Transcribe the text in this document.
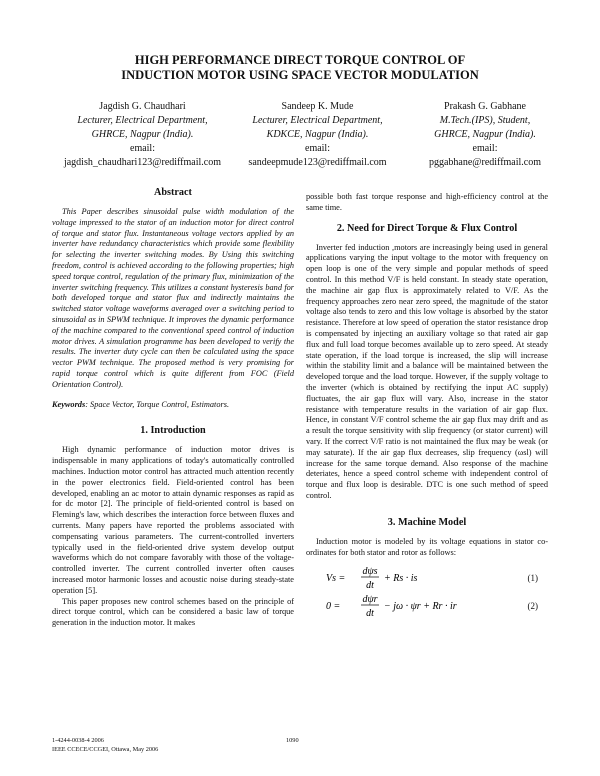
HIGH PERFORMANCE DIRECT TORQUE CONTROL OF
INDUCTION MOTOR USING SPACE VECTOR MODULATION
Jagdish G. Chaudhari
Lecturer, Electrical Department,
GHRCE, Nagpur (India).
email:
jagdish_chaudhari123@rediffmail.com
Sandeep K. Mude
Lecturer, Electrical Department,
KDKCE, Nagpur (India).
email:
sandeepmude123@rediffmail.com
Prakash G. Gabhane
M.Tech.(IPS), Student,
GHRCE, Nagpur (India).
email:
pggabhane@rediffmail.com
Abstract
This Paper describes sinusoidal pulse width modulation of the voltage impressed to the stator of an induction motor for direct control of torque and stator flux. Instantaneous voltage vectors applied by an inverter have redundancy characteristics which provide some flexibility for selecting the inverter switching modes. By Using this switching freedom, control is achieved according to the following properties; high speed torque control, regulation of the primary flux, minimization of the inverter switching frequency. This utilizes a constant hysteresis band for both developed torque and stator flux and indirectly maintains the switched stator voltage waveforms averaged over a switching period to sinusoidal as in SPWM technique. It improves the dynamic performance of the machine compared to the conventional speed control of induction motor drives. A simulation programme has been developed to verify the results. The inverter duty cycle can then be calculated using the space vector PWM technique. The proposed method is very promising for rapid torque control which is quite different from FOC (Field Orientation Control).
Keywords: Space Vector, Torque Control, Estimators.
1. Introduction

High dynamic performance of induction motor drives is indispensable in many applications of today's automatically controlled machines. Induction motor control has attracted much attention recently in the power electronics field. Field-oriented control has been developed, enabling an ac motor to attain dynamic responses as rapid as for dc motor [2]. The principle of field-oriented control is based on Fleming's law, which describes the interaction force between fluxes and currents. Many papers have reported the problems associated with compensating various parameters. The current-controlled inverters typically used in the field-oriented drive system develop output waveforms which do not compare favorably with those of the voltage-controlled inverter. The current controlled inverter often causes increased motor harmonic losses and acoustic noise during steady-state operation [5].

This paper proposes new control schemes based on the principle of direct torque control, which can be considered a basic law of torque generation in the induction motor. It makes

possible both fast torque response and high-efficiency control at the same time.
2. Need for Direct Torque & Flux Control

Inverter fed induction ,motors are increasingly being used in general applications varying the input voltage to the motor with frequency on open loop is one of the very simple and popular methods of speed control. In this method V/F is held constant. In steady state operation, the machine air gap flux is approximately related to V/F. As the frequency approaches zero near zero speed, the magnitude of the stator voltage also tends to zero and this low voltage is absorbed by the stator resistance. Therefore at low speed of operation the stator resistance drop is compensated by injecting an auxiliary voltage so that rated air gap flux and full load torque becomes available up to zero speed. At steady state operation, if the load torque is increased, the slip will increase within the stability limit and a balance will be maintained between the developed torque and the load torque. However, if the supply voltage to the inverter (which is obtained by rectifying the input AC supply) fluctuates, the air gap flux will vary. Also, increase in the stator resistance with temperature results in the variation of air gap flux. Hence, in constant V/F control scheme the air gap flux may drift and as a result the torque sensitivity with slip frequency (or stator current) will vary. If the correct V/F ratio is not maintained the flux may be weak (or may saturate). If the air gap flux decreases, slip frequency (ωsl) will increase for the same torque demand. Also response of the machine deteriates, hence a speed control scheme with independent control of torque and flux loop is desirable. DTC is one such method of speed control.

3. Machine Model

Induction motor is modeled by its voltage equations in stator co-ordinates for both stator and rotor as follows:

Vs =
dψs
dt
+ Rs · is	(1)
0 =
dψr
dt
− jω · ψr + Rr · ir	(2)
1-4244-0038-4 2006
IEEE CCECE/CCGEI, Ottawa, May 2006
1090
